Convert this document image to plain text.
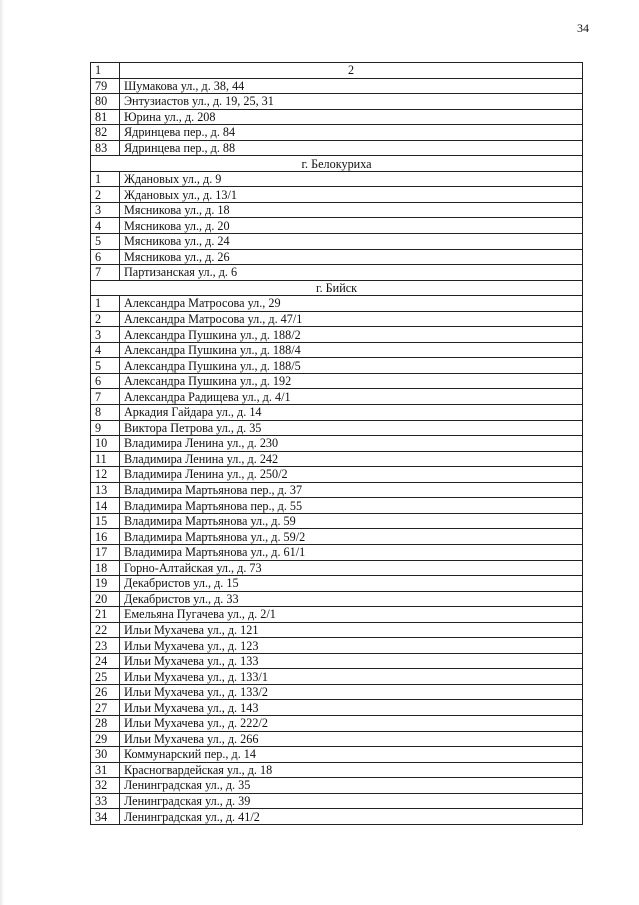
34
1	2
79	Шумакова ул., д. 38, 44
80	Энтузиастов ул., д. 19, 25, 31
81	Юрина ул., д. 208
82	Ядринцева пер., д. 84
83	Ядринцева пер., д. 88
г. Белокуриха	
1	Ждановых ул., д. 9
2	Ждановых ул., д. 13/1
3	Мясникова ул., д. 18
4	Мясникова ул., д. 20
5	Мясникова ул., д. 24
6	Мясникова ул., д. 26
7	Партизанская ул., д. 6
г. Бийск	
1	Александра Матросова ул., 29
2	Александра Матросова ул., д. 47/1
3	Александра Пушкина ул., д. 188/2
4	Александра Пушкина ул., д. 188/4
5	Александра Пушкина ул., д. 188/5
6	Александра Пушкина ул., д. 192
7	Александра Радищева ул., д. 4/1
8	Аркадия Гайдара ул., д. 14
9	Виктора Петрова ул., д. 35
10	Владимира Ленина ул., д. 230
11	Владимира Ленина ул., д. 242
12	Владимира Ленина ул., д. 250/2
13	Владимира Мартьянова пер., д. 37
14	Владимира Мартьянова пер., д. 55
15	Владимира Мартьянова ул., д. 59
16	Владимира Мартьянова ул., д. 59/2
17	Владимира Мартьянова ул., д. 61/1
18	Горно-Алтайская ул., д. 73
19	Декабристов ул., д. 15
20	Декабристов ул., д. 33
21	Емельяна Пугачева ул., д. 2/1
22	Ильи Мухачева ул., д. 121
23	Ильи Мухачева ул., д. 123
24	Ильи Мухачева ул., д. 133
25	Ильи Мухачева ул., д. 133/1
26	Ильи Мухачева ул., д. 133/2
27	Ильи Мухачева ул., д. 143
28	Ильи Мухачева ул., д. 222/2
29	Ильи Мухачева ул., д. 266
30	Коммунарский пер., д. 14
31	Красногвардейская ул., д. 18
32	Ленинградская ул., д. 35
33	Ленинградская ул., д. 39
34	Ленинградская ул., д. 41/2
